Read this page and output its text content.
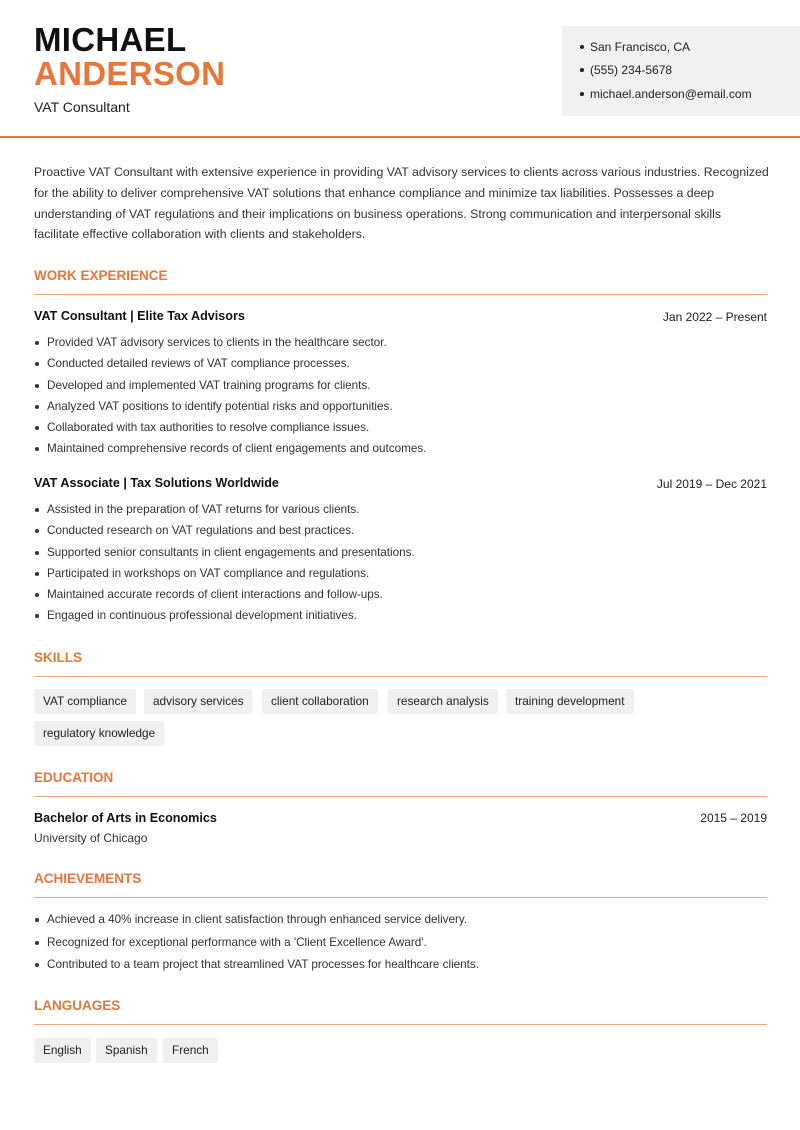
MICHAEL
ANDERSON
VAT Consultant
San Francisco, CA
(555) 234-5678
michael.anderson@email.com
Proactive VAT Consultant with extensive experience in providing VAT advisory services to clients across various industries. Recognized for the ability to deliver comprehensive VAT solutions that enhance compliance and minimize tax liabilities. Possesses a deep understanding of VAT regulations and their implications on business operations. Strong communication and interpersonal skills facilitate effective collaboration with clients and stakeholders.
WORK EXPERIENCE
VAT Consultant | Elite Tax Advisors	Jan 2022 – Present
Provided VAT advisory services to clients in the healthcare sector.
Conducted detailed reviews of VAT compliance processes.
Developed and implemented VAT training programs for clients.
Analyzed VAT positions to identify potential risks and opportunities.
Collaborated with tax authorities to resolve compliance issues.
Maintained comprehensive records of client engagements and outcomes.
VAT Associate | Tax Solutions Worldwide	Jul 2019 – Dec 2021
Assisted in the preparation of VAT returns for various clients.
Conducted research on VAT regulations and best practices.
Supported senior consultants in client engagements and presentations.
Participated in workshops on VAT compliance and regulations.
Maintained accurate records of client interactions and follow-ups.
Engaged in continuous professional development initiatives.
SKILLS
VAT compliance	advisory services	client collaboration	research analysis	training development
regulatory knowledge
EDUCATION
Bachelor of Arts in Economics
University of Chicago
2015 – 2019
ACHIEVEMENTS
Achieved a 40% increase in client satisfaction through enhanced service delivery.
Recognized for exceptional performance with a 'Client Excellence Award'.
Contributed to a team project that streamlined VAT processes for healthcare clients.
LANGUAGES
English	Spanish	French
